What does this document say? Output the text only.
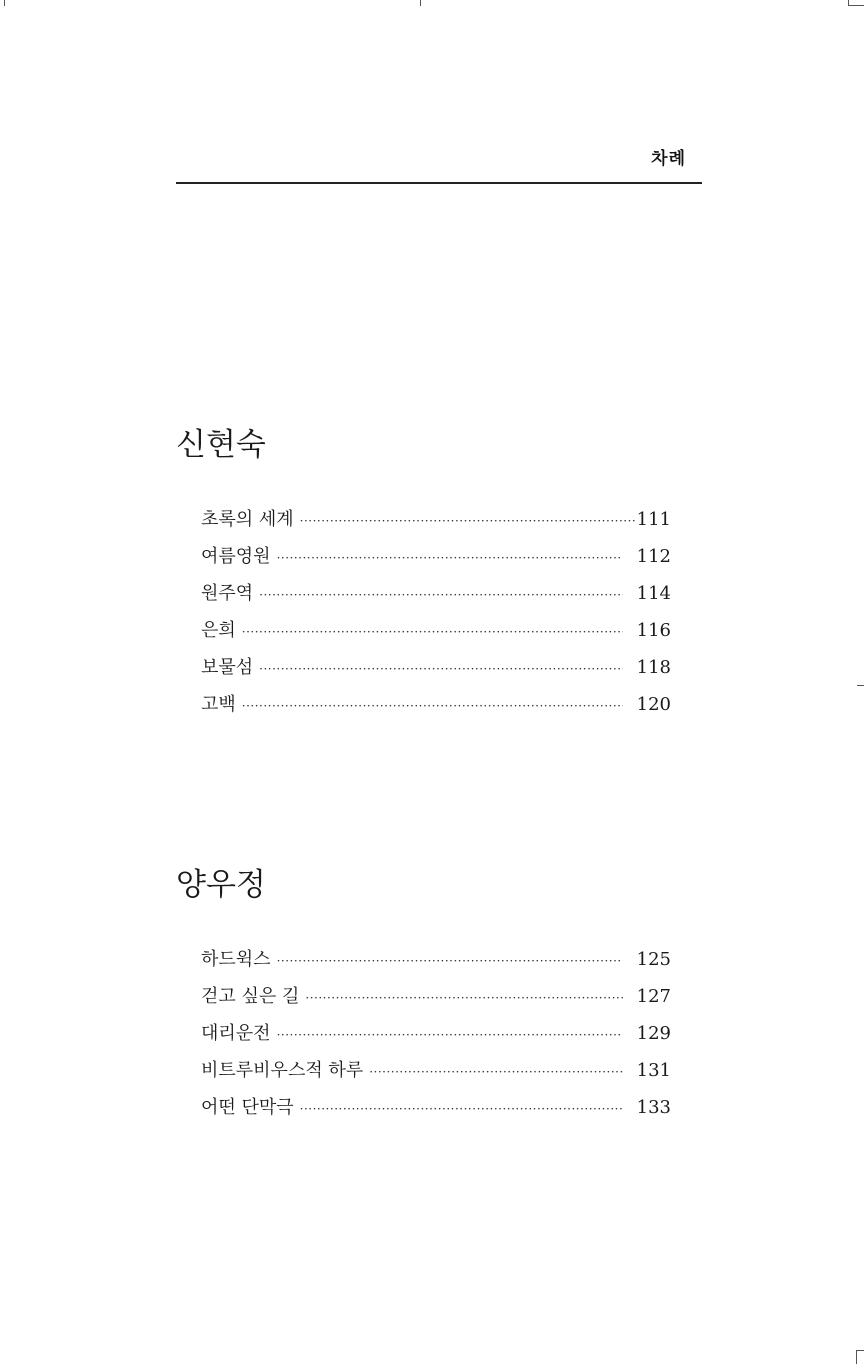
차례
신현숙
초록의 세계 ·····	111
여름영원 ·····	112
원주역 ·····	114
은희 ·····	116
보물섬 ·····	118
고백 ·····	120
양우정
하드윅스 ·····	125
걷고 싶은 길 ·····	127
대리운전 ·····	129
비트루비우스적 하루 ·····	131
어떤 단막극 ·····	133
